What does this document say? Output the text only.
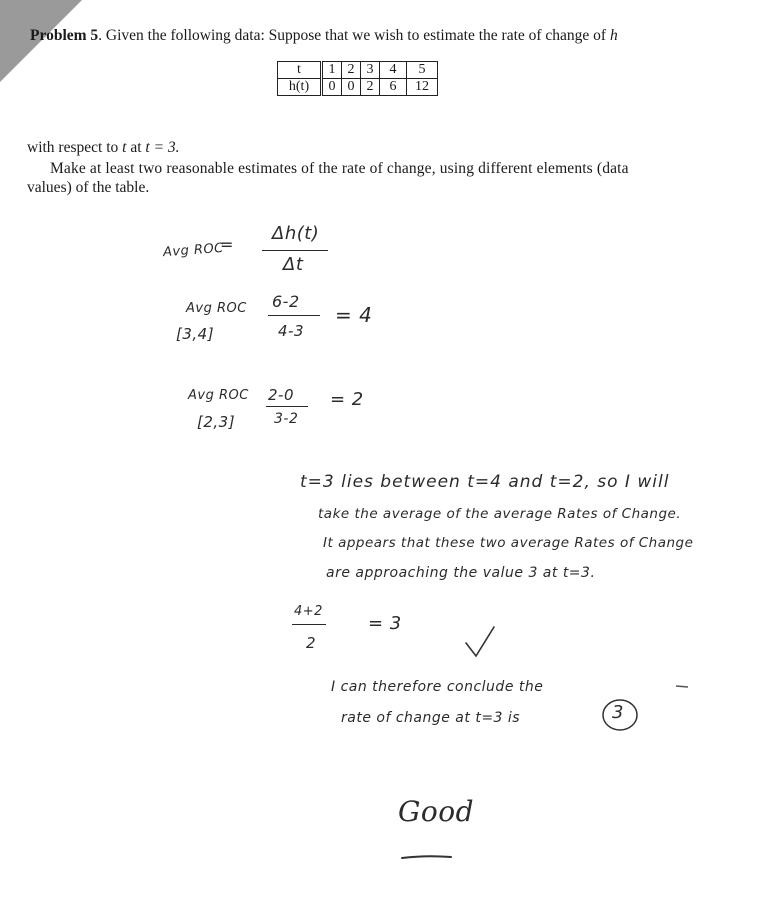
Problem 5. Given the following data: Suppose that we wish to estimate the rate of change of h
t	1	2	3	4	5
h(t)	0	0	2	6	12
with respect to t at t = 3.
Make at least two reasonable estimates of the rate of change, using different elements (data
values) of the table.
Avg ROC
=
Δh(t)
Δt
Avg ROC
[3,4]
6-2
4-3
= 4
Avg ROC
[2,3]
2-0
3-2
= 2
t=3 lies between t=4 and t=2, so I will
take the average of the average Rates of Change.
It appears that these two average Rates of Change
are approaching the value 3 at t=3.
4+2
2
= 3
I can therefore conclude the
rate of change at t=3 is	3
Good
